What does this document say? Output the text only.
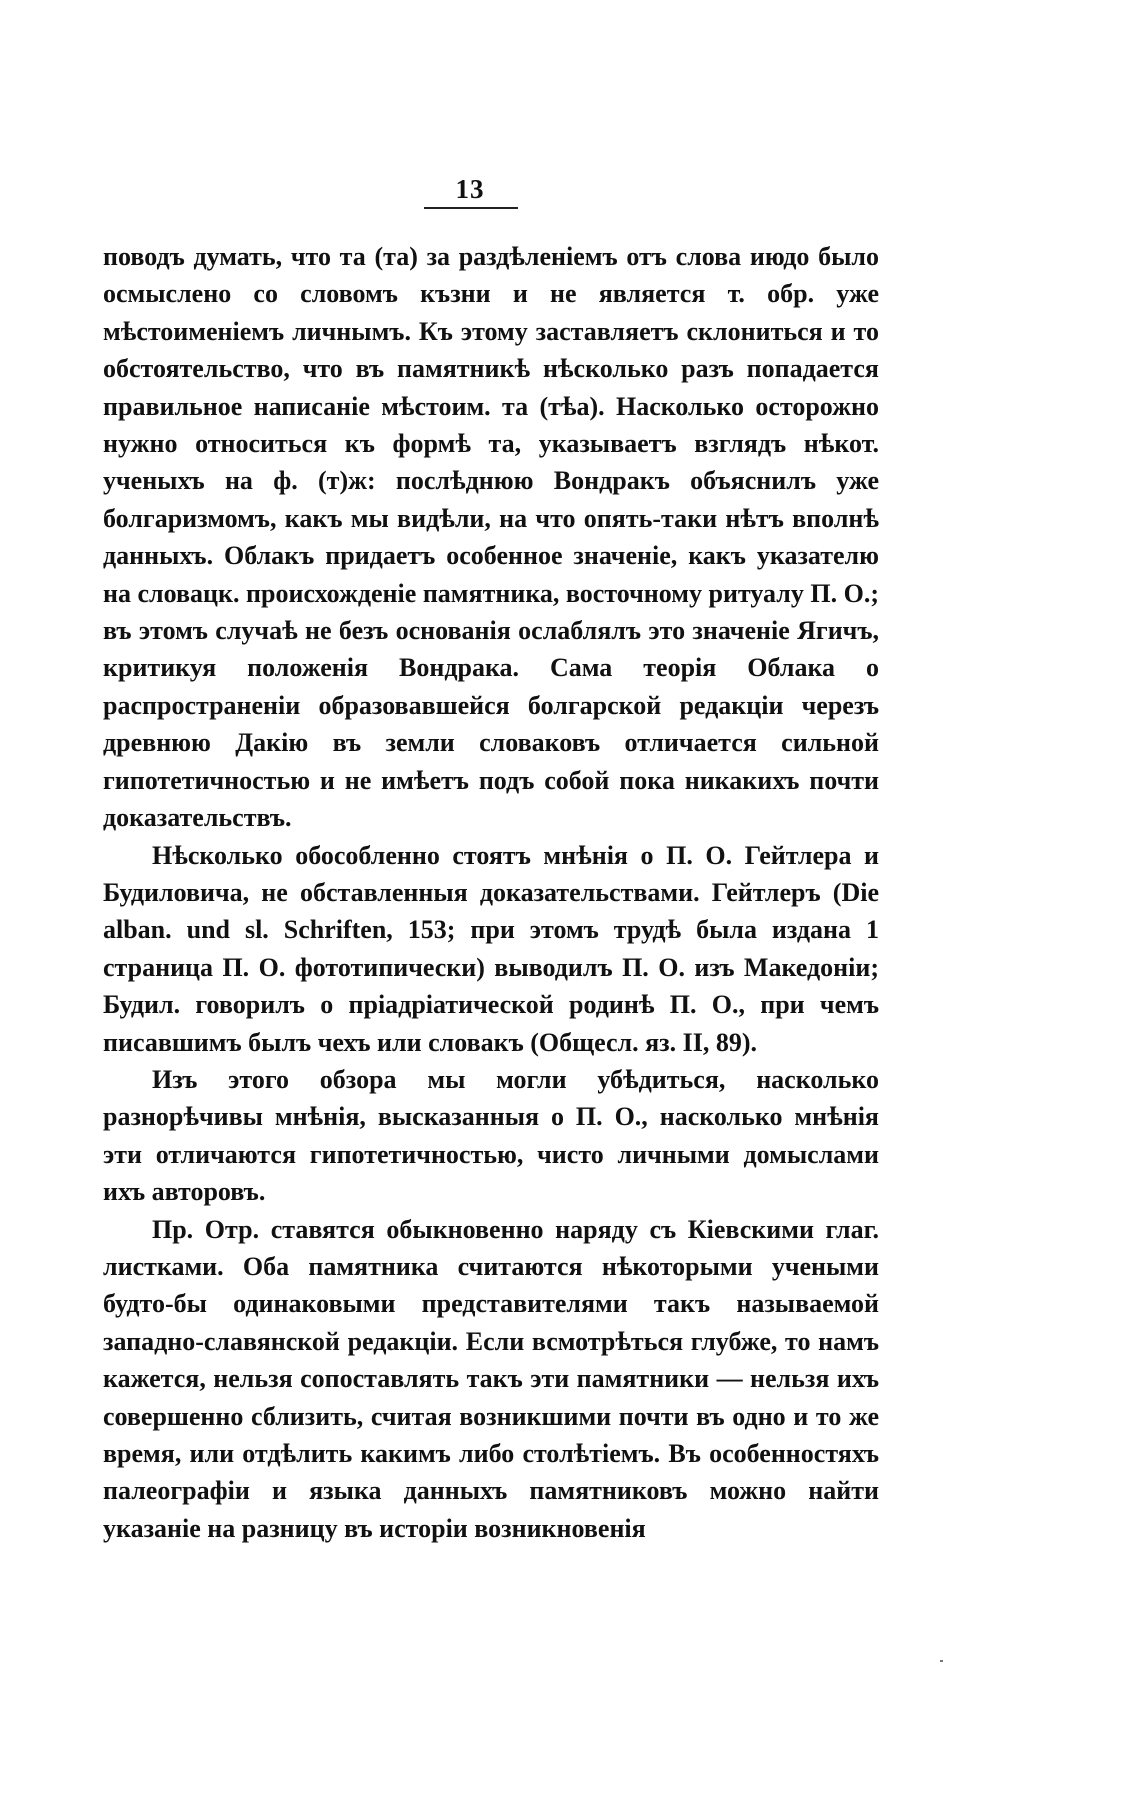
13

поводъ думать, что та (та) за раздѣленіемъ отъ слова июдо было осмыслено со словомъ къзни и не является т. обр. уже мѣстоименіемъ личнымъ. Къ этому заставляетъ склониться и то обстоятельство, что въ памятникѣ нѣсколько разъ попадается правильное написаніе мѣстоим. та (тѣа). Насколько осторожно нужно относиться къ формѣ та, указываетъ взглядъ нѣкот. ученыхъ на ф. (т)ж: послѣднюю Вондракъ объяснилъ уже болгаризмомъ, какъ мы видѣли, на что опять-таки нѣтъ вполнѣ данныхъ. Облакъ придаетъ особенное значеніе, какъ указателю на словацк. происхожденіе памятника, восточному ритуалу П. О.; въ этомъ случаѣ не безъ основанія ослаблялъ это значеніе Ягичъ, критикуя положенія Вондрака. Сама теорія Облака о распространеніи образовавшейся болгарской редакціи черезъ древнюю Дакію въ земли словаковъ отличается сильной гипотетичностью и не имѣетъ подъ собой пока никакихъ почти доказательствъ.

Нѣсколько обособленно стоятъ мнѣнія о П. О. Гейтлера и Будиловича, не обставленныя доказательствами. Гейтлеръ (Die alban. und sl. Schriften, 153; при этомъ трудѣ была издана 1 страница П. О. фототипически) выводилъ П. О. изъ Македоніи; Будил. говорилъ о пріадріатической родинѣ П. О., при чемъ писавшимъ былъ чехъ или словакъ (Общесл. яз. II, 89).

Изъ этого обзора мы могли убѣдиться, насколько разнорѣчивы мнѣнія, высказанныя о П. О., насколько мнѣнія эти отличаются гипотетичностью, чисто личными домыслами ихъ авторовъ.

Пр. Отр. ставятся обыкновенно наряду съ Кіевскими глаг. листками. Оба памятника считаются нѣкоторыми учеными будто-бы одинаковыми представителями такъ называемой западно-славянской редакціи. Если всмотрѣться глубже, то намъ кажется, нельзя сопоставлять такъ эти памятники — нельзя ихъ совершенно сблизить, считая возникшими почти въ одно и то же время, или отдѣлить какимъ либо столѣтіемъ. Въ особенностяхъ палеографіи и языка данныхъ памятниковъ можно найти указаніе на разницу въ исторіи возникновенія
